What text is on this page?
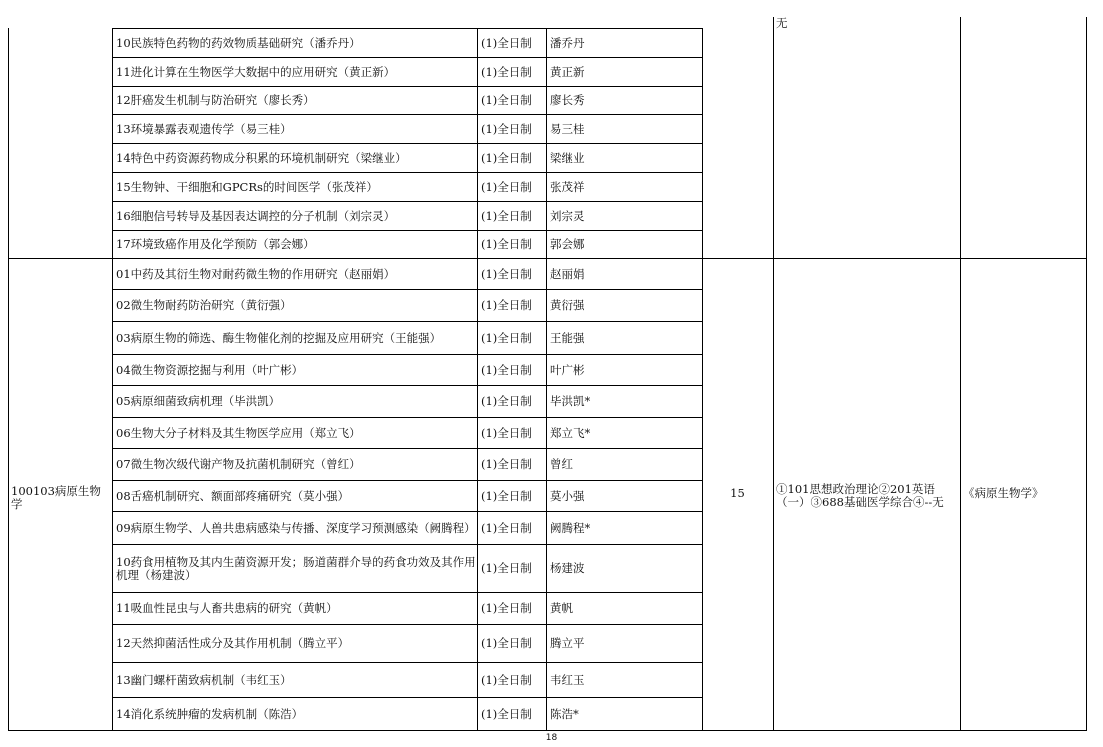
无
100103病原生物学
15	①101思想政治理论②201英语（一）③688基础医学综合④--无
《病原生物学》
10民族特色药物的药效物质基础研究（潘乔丹）	(1)全日制	潘乔丹
11进化计算在生物医学大数据中的应用研究（黄正新）	(1)全日制	黄正新
12肝癌发生机制与防治研究（廖长秀）	(1)全日制	廖长秀
13环境暴露表观遗传学（易三桂）	(1)全日制	易三桂
14特色中药资源药物成分积累的环境机制研究（梁继业）	(1)全日制	梁继业
15生物钟、干细胞和GPCRs的时间医学（张茂祥）	(1)全日制	张茂祥
16细胞信号转导及基因表达调控的分子机制（刘宗灵）	(1)全日制	刘宗灵
17环境致癌作用及化学预防（郭会娜）	(1)全日制	郭会娜
01中药及其衍生物对耐药微生物的作用研究（赵丽娟）	(1)全日制	赵丽娟
02微生物耐药防治研究（黄衍强）	(1)全日制	黄衍强
03病原生物的筛选、酶生物催化剂的挖掘及应用研究（王能强）	(1)全日制	王能强
04微生物资源挖掘与利用（叶广彬）	(1)全日制	叶广彬
05病原细菌致病机理（毕洪凯）	(1)全日制	毕洪凯*
06生物大分子材料及其生物医学应用（郑立飞）	(1)全日制	郑立飞*
07微生物次级代谢产物及抗菌机制研究（曾红）	(1)全日制	曾红
08舌癌机制研究、额面部疼痛研究（莫小强）	(1)全日制	莫小强
09病原生物学、人兽共患病感染与传播、深度学习预测感染（阙腾程） (1)全日制	阙腾程*
10药食用植物及其内生菌资源开发；肠道菌群介导的药食功效及其作用机理（杨建波）	(1)全日制	杨建波
11吸血性昆虫与人畜共患病的研究（黄帆）	(1)全日制	黄帆
12天然抑菌活性成分及其作用机制（腾立平）	(1)全日制	腾立平
13幽门螺杆菌致病机制（韦红玉）	(1)全日制	韦红玉
14消化系统肿瘤的发病机制（陈浩）	(1)全日制	陈浩*
18
